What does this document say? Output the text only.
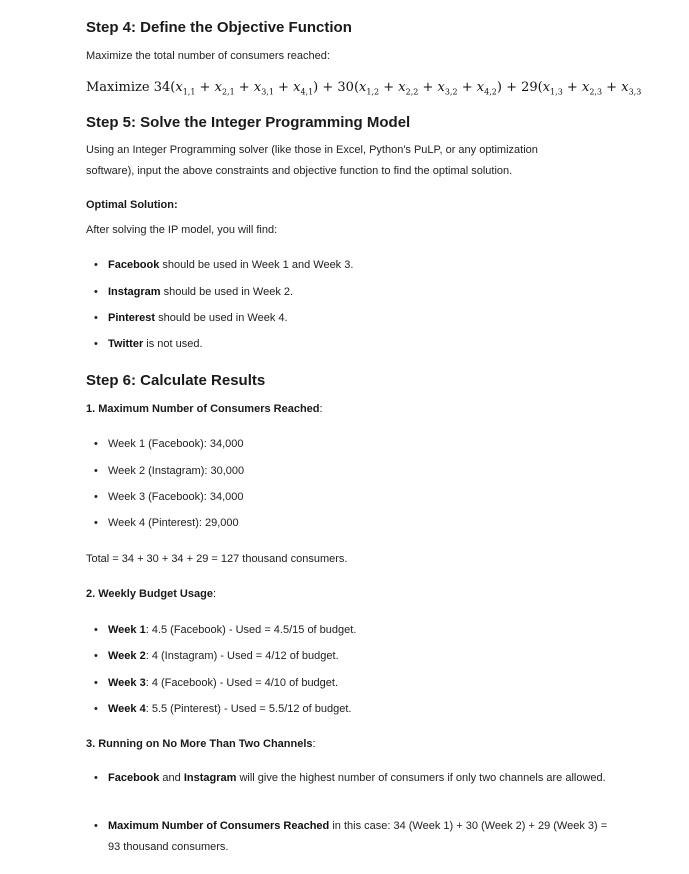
Step 4: Define the Objective Function
Maximize the total number of consumers reached:
Maximize $34(x_{1,1} + x_{2,1} + x_{3,1} + x_{4,1}) + 30(x_{1,2} + x_{2,2} + x_{3,2} + x_{4,2}) + 29(x_{1,3} + x_{2,3} + x_{3,3}$
Step 5: Solve the Integer Programming Model
Using an Integer Programming solver (like those in Excel, Python's PuLP, or any optimization
software), input the above constraints and objective function to find the optimal solution.
Optimal Solution:
After solving the IP model, you will find:
• Facebook should be used in Week 1 and Week 3.
• Instagram should be used in Week 2.
• Pinterest should be used in Week 4.
• Twitter is not used.
Step 6: Calculate Results
1. Maximum Number of Consumers Reached:
• Week 1 (Facebook): 34,000
• Week 2 (Instagram): 30,000
• Week 3 (Facebook): 34,000
• Week 4 (Pinterest): 29,000
Total = 34 + 30 + 34 + 29 = 127 thousand consumers.
2. Weekly Budget Usage:
• Week 1: 4.5 (Facebook) - Used = 4.5/15 of budget.
• Week 2: 4 (Instagram) - Used = 4/12 of budget.
• Week 3: 4 (Facebook) - Used = 4/10 of budget.
• Week 4: 5.5 (Pinterest) - Used = 5.5/12 of budget.
3. Running on No More Than Two Channels:
• Facebook and Instagram will give the highest number of consumers if only two channels are allowed.
• Maximum Number of Consumers Reached in this case: 34 (Week 1) + 30 (Week 2) + 29 (Week 3) = 93 thousand consumers.
